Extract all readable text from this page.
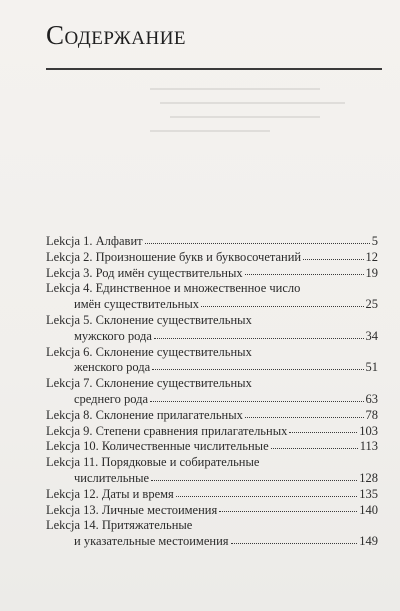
Содержание
Lekcja 1. Алфавит	5
Lekcja 2. Произношение букв и буквосочетаний	12
Lekcja 3. Род имён существительных	19
Lekcja 4. Единственное и множественное число
имён существительных	25
Lekcja 5. Склонение существительных
мужского рода	34
Lekcja 6. Склонение существительных
женского рода	51
Lekcja 7. Склонение существительных
среднего рода	63
Lekcja 8. Склонение прилагательных	78
Lekcja 9. Степени сравнения прилагательных	103
Lekcja 10. Количественные числительные	113
Lekcja 11. Порядковые и собирательные
числительные	128
Lekcja 12. Даты и время	135
Lekcja 13. Личные местоимения	140
Lekcja 14. Притяжательные
и указательные местоимения	149
